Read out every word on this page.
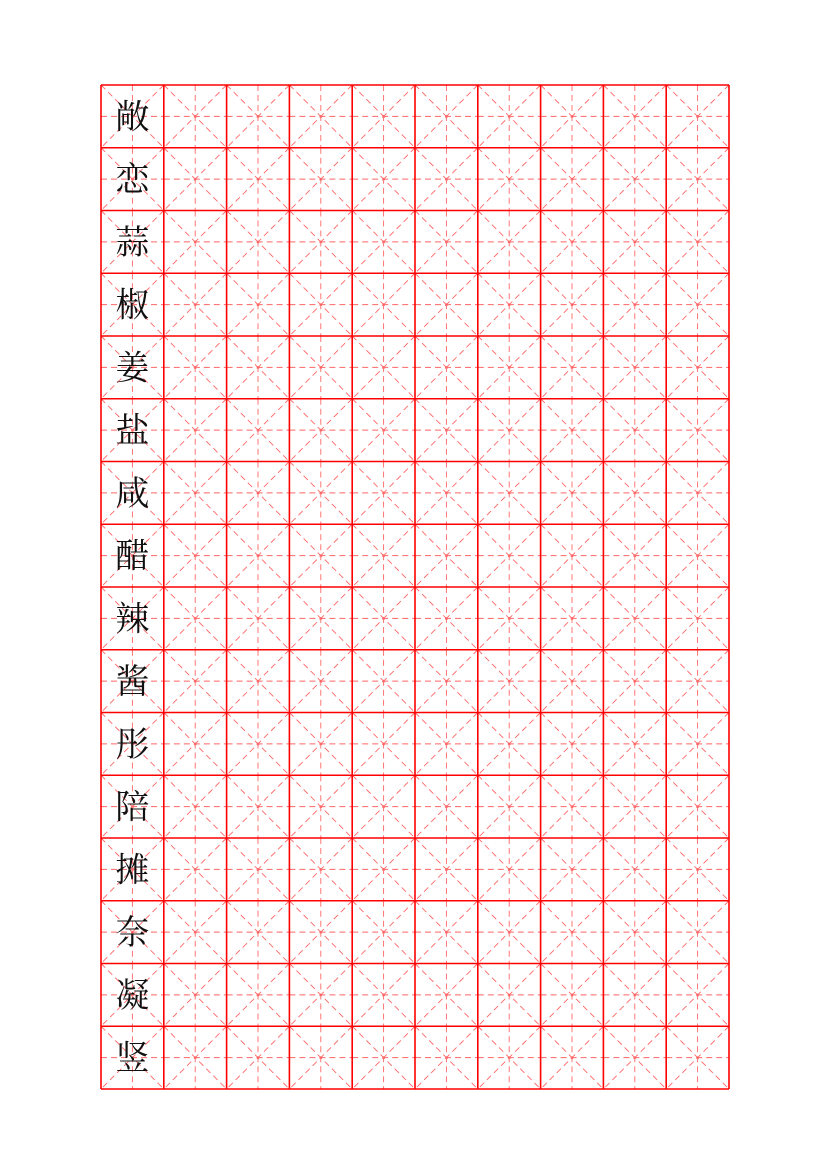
敞
恋
蒜
椒
姜
盐
咸
醋
辣
酱
彤
陪
摊
奈
凝
竖
